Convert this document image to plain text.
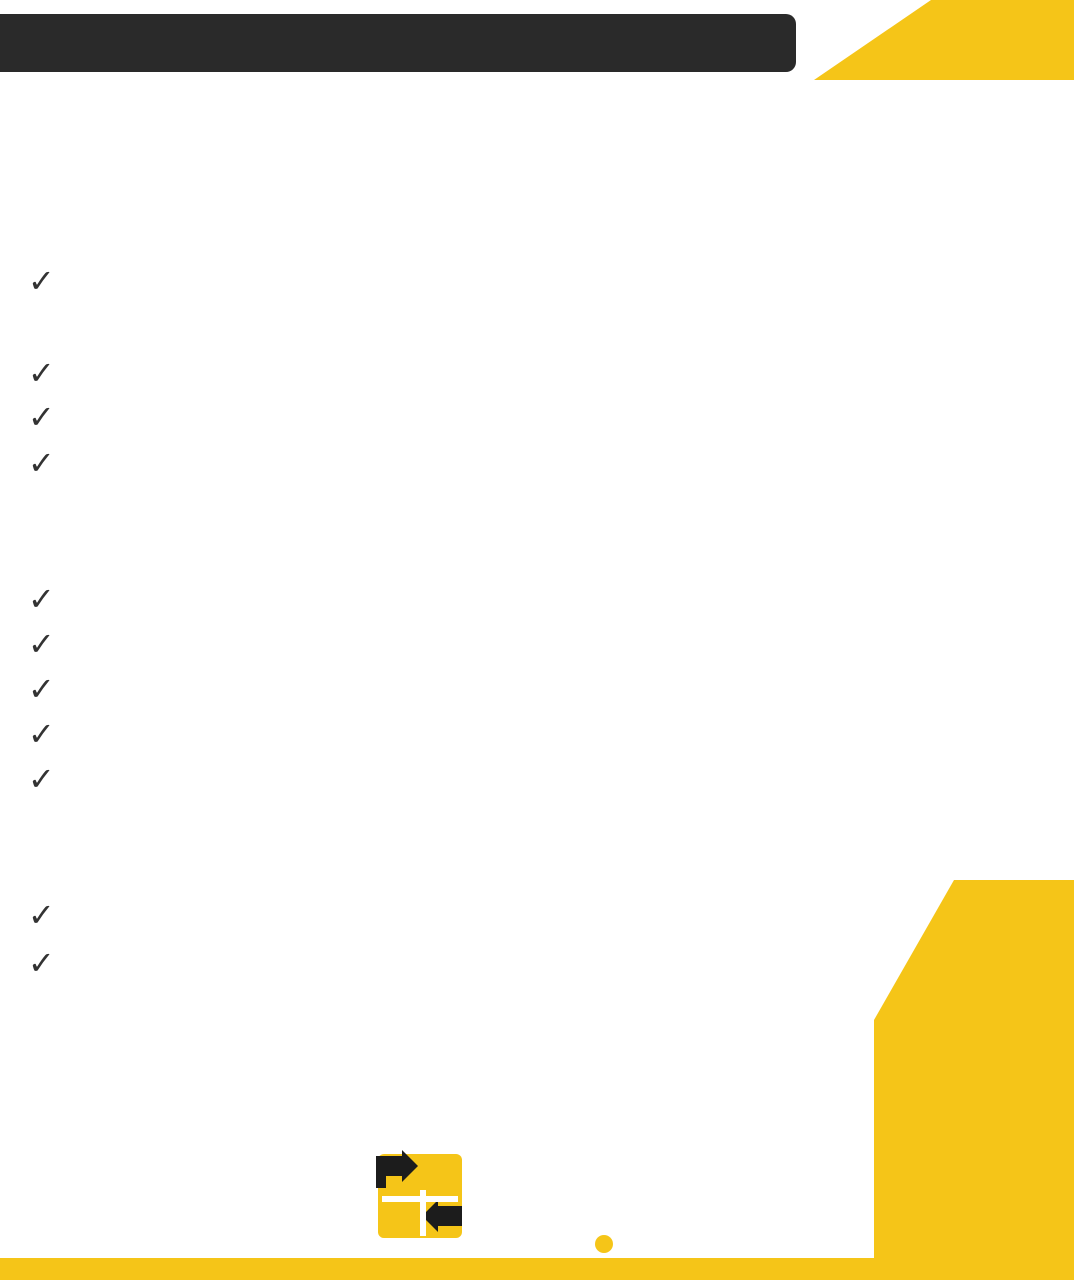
✓

✓

✓

✓

✓

✓

✓

✓

✓

✓

✓
